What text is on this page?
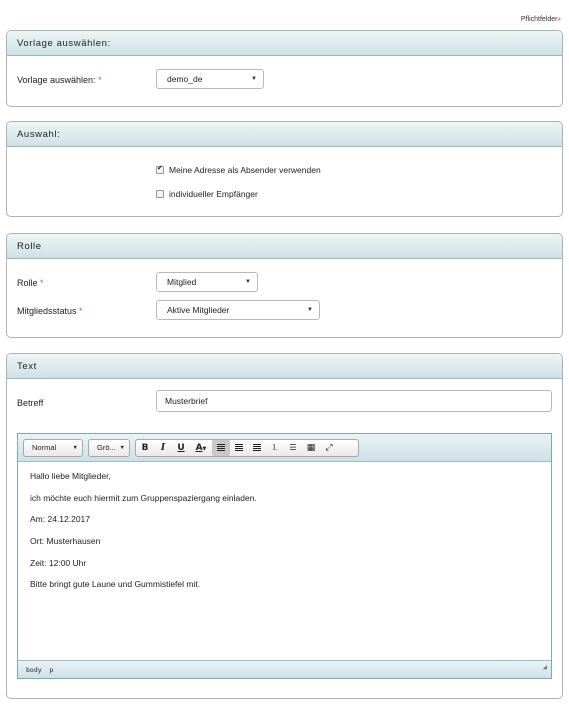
Pflichtfelder*
Vorlage auswählen:
Vorlage auswählen: *	demo_de	▼
Auswahl:
✔
Meine Adresse als Absender verwenden
individueller Empfänger
Rolle
Rolle *	Mitglied	▼
Mitgliedsstatus *	Aktive Mitglieder	▼
Text
Betreff	Musterbrief
Normal	▼	Grö... ▼	B	I	U	A▼	⒈	☰	▦	⤢

Hallo liebe Mitglieder,

ich möchte euch hiermit zum Gruppenspaziergang einladen.

Am: 24.12.2017

Ort: Musterhausen

Zeit: 12:00 Uhr

Bitte bringt gute Laune und Gummistiefel mit.

body  p	◢
